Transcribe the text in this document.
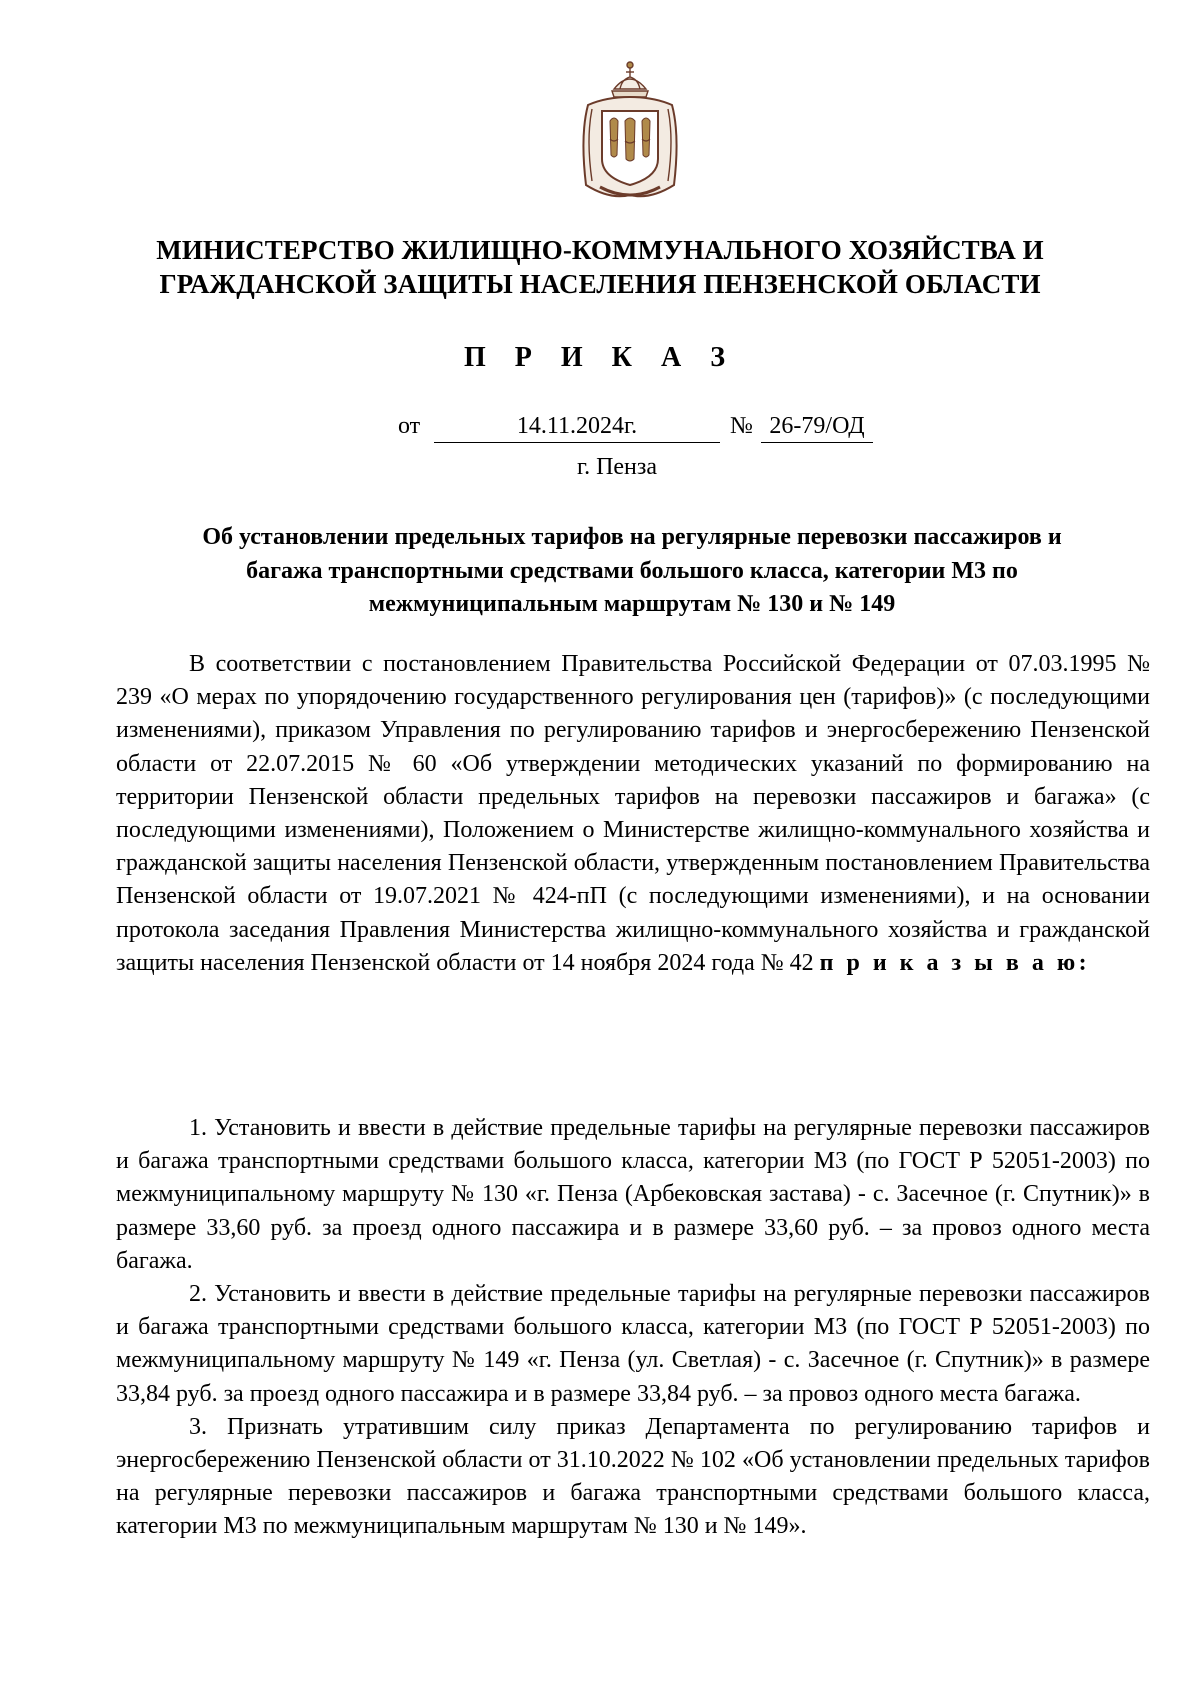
МИНИСТЕРСТВО ЖИЛИЩНО-КОММУНАЛЬНОГО ХОЗЯЙСТВА И
ГРАЖДАНСКОЙ ЗАЩИТЫ НАСЕЛЕНИЯ ПЕНЗЕНСКОЙ ОБЛАСТИ
П Р И К А З
от	14.11.2024г.	№ 26-79/ОД
г. Пенза
Об установлении предельных тарифов на регулярные перевозки пассажиров и
багажа транспортными средствами большого класса, категории М3 по
межмуниципальным маршрутам № 130 и № 149

В соответствии с постановлением Правительства Российской Федерации от 07.03.1995 № 239 «О мерах по упорядочению государственного регулирования цен (тарифов)» (с последующими изменениями), приказом Управления по регулированию тарифов и энергосбережению Пензенской области от 22.07.2015 № 60 «Об утверждении методических указаний по формированию на территории Пензенской области предельных тарифов на перевозки пассажиров и багажа» (с последующими изменениями), Положением о Министерстве жилищно-коммунального хозяйства и гражданской защиты населения Пензенской области, утвержденным постановлением Правительства Пензенской области от 19.07.2021 № 424-пП (с последующими изменениями), и на основании протокола заседания Правления Министерства жилищно-коммунального хозяйства и гражданской защиты населения Пензенской области от 14 ноября 2024 года № 42 п р и к а з ы в а ю:

1. Установить и ввести в действие предельные тарифы на регулярные перевозки пассажиров и багажа транспортными средствами большого класса, категории М3 (по ГОСТ Р 52051-2003) по межмуниципальному маршруту № 130 «г. Пенза (Арбековская застава) - с. Засечное (г. Спутник)» в размере 33,60 руб. за проезд одного пассажира и в размере 33,60 руб. – за провоз одного места багажа.

2. Установить и ввести в действие предельные тарифы на регулярные перевозки пассажиров и багажа транспортными средствами большого класса, категории М3 (по ГОСТ Р 52051-2003) по межмуниципальному маршруту № 149 «г. Пенза (ул. Светлая) - с. Засечное (г. Спутник)» в размере 33,84 руб. за проезд одного пассажира и в размере 33,84 руб. – за провоз одного места багажа.

3. Признать утратившим силу приказ Департамента по регулированию тарифов и энергосбережению Пензенской области от 31.10.2022 № 102 «Об установлении предельных тарифов на регулярные перевозки пассажиров и багажа транспортными средствами большого класса, категории М3 по межмуниципальным маршрутам № 130 и № 149».
